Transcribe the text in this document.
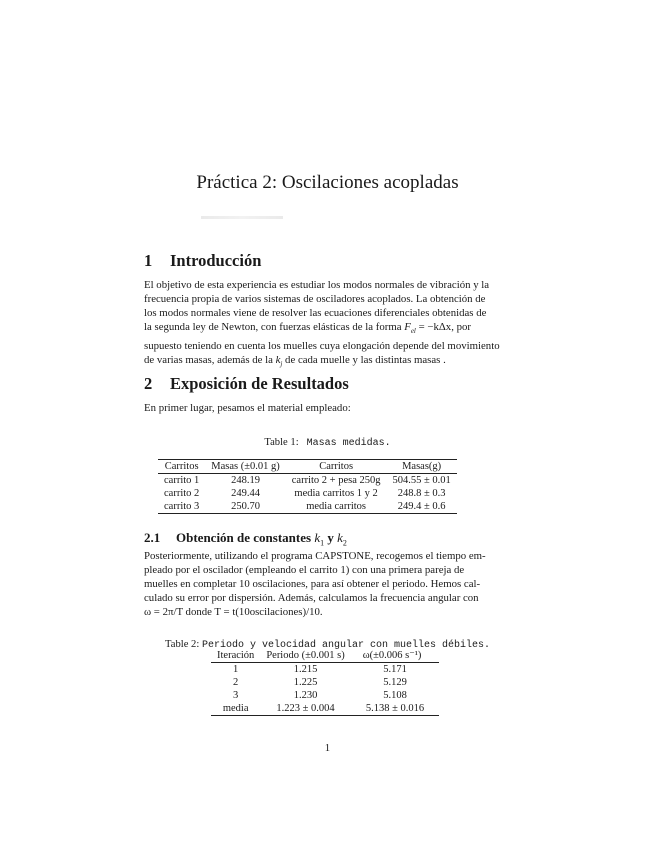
Práctica 2: Oscilaciones acopladas
1 Introducción
El objetivo de esta experiencia es estudiar los modos normales de vibración y la
frecuencia propia de varios sistemas de osciladores acoplados. La obtención de
los modos normales viene de resolver las ecuaciones diferenciales obtenidas de
la segunda ley de Newton, con fuerzas elásticas de la forma $F_{el} = -k\Delta x$, por
supuesto teniendo en cuenta los muelles cuya elongación depende del movimiento
de varias masas, además de la $k_j$ de cada muelle y las distintas masas .
2 Exposición de Resultados
En primer lugar, pesamos el material empleado:
Table 1: Masas medidas.
Carritos	Masas (±0.01 g)	Carritos	Masas(g)
carrito 1	248.19	carrito 2 + pesa 250g	504.55 ± 0.01
carrito 2	249.44	media carritos 1 y 2	248.8 ± 0.3
carrito 3	250.70	media carritos	249.4 ± 0.6
2.1 Obtención de constantes $k_1$ y $k_2$
Posteriormente, utilizando el programa CAPSTONE, recogemos el tiempo em-
pleado por el oscilador (empleando el carrito 1) con una primera pareja de
muelles en completar 10 oscilaciones, para así obtener el periodo. Hemos cal-
culado su error por dispersión. Además, calculamos la frecuencia angular con
ω = 2π/T donde T = t(10oscilaciones)/10.
Table 2: Periodo y velocidad angular con muelles débiles.
Iteración	Periodo (±0.001 s)	ω(±0.006 s⁻¹)
1	1.215	5.171
2	1.225	5.129
3	1.230	5.108
media	1.223 ± 0.004	5.138 ± 0.016
1
